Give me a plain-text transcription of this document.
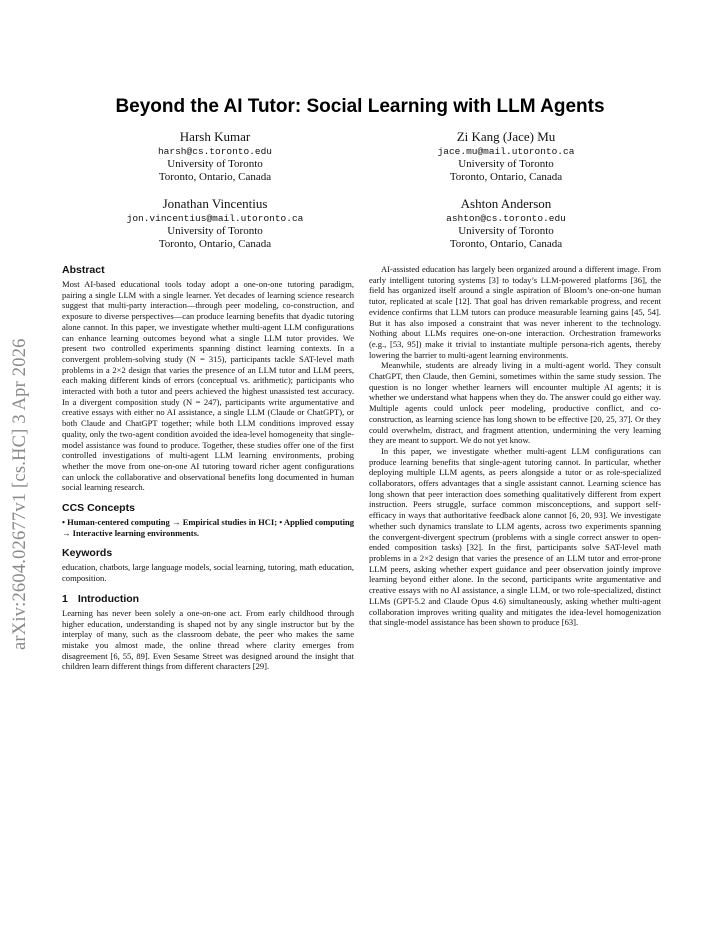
arXiv:2604.02677v1 [cs.HC] 3 Apr 2026
Beyond the AI Tutor: Social Learning with LLM Agents
Harsh Kumar
harsh@cs.toronto.edu
University of Toronto
Toronto, Ontario, Canada
Zi Kang (Jace) Mu
jace.mu@mail.utoronto.ca
University of Toronto
Toronto, Ontario, Canada
Jonathan Vincentius
jon.vincentius@mail.utoronto.ca
University of Toronto
Toronto, Ontario, Canada
Ashton Anderson
ashton@cs.toronto.edu
University of Toronto
Toronto, Ontario, Canada
Abstract

Most AI-based educational tools today adopt a one-on-one tutoring paradigm, pairing a single LLM with a single learner. Yet decades of learning science research suggest that multi-party interaction—through peer modeling, co-construction, and exposure to diverse perspectives—can produce learning benefits that dyadic tutoring alone cannot. In this paper, we investigate whether multi-agent LLM configurations can enhance learning outcomes beyond what a single LLM tutor provides. We present two controlled experiments spanning distinct learning contexts. In a convergent problem-solving study (N = 315), participants tackle SAT-level math problems in a 2×2 design that varies the presence of an LLM tutor and LLM peers, each making different kinds of errors (conceptual vs. arithmetic); participants who interacted with both a tutor and peers achieved the highest unassisted test accuracy. In a divergent composition study (N = 247), participants write argumentative and creative essays with either no AI assistance, a single LLM (Claude or ChatGPT), or both Claude and ChatGPT together; while both LLM conditions improved essay quality, only the two-agent condition avoided the idea-level homogeneity that single-model assistance was found to produce. Together, these studies offer one of the first controlled investigations of multi-agent LLM learning environments, probing whether the move from one-on-one AI tutoring toward richer agent configurations can unlock the collaborative and observational benefits long documented in human social learning research.

CCS Concepts

• Human-centered computing → Empirical studies in HCI; • Applied computing → Interactive learning environments.

Keywords

education, chatbots, large language models, social learning, tutoring, math education, composition.

1 Introduction

Learning has never been solely a one-on-one act. From early childhood through higher education, understanding is shaped not by any single instructor but by the interplay of many, such as the classroom debate, the peer who makes the same mistake you almost made, the online thread where clarity emerges from disagreement [6, 55, 89]. Even Sesame Street was designed around the insight that children learn different things from different characters [29].

AI-assisted education has largely been organized around a different image. From early intelligent tutoring systems [3] to today’s LLM-powered platforms [36], the field has organized itself around a single aspiration of Bloom’s one-on-one human tutor, replicated at scale [12]. That goal has driven remarkable progress, and recent evidence confirms that LLM tutors can produce measurable learning gains [45, 54]. But it has also imposed a constraint that was never inherent to the technology. Nothing about LLMs requires one-on-one interaction. Orchestration frameworks (e.g., [53, 95]) make it trivial to instantiate multiple persona-rich agents, thereby lowering the barrier to multi-agent learning environments.

Meanwhile, students are already living in a multi-agent world. They consult ChatGPT, then Claude, then Gemini, sometimes within the same study session. The question is no longer whether learners will encounter multiple AI agents; it is whether we understand what happens when they do. The answer could go either way. Multiple agents could unlock peer modeling, productive conflict, and co-construction, as learning science has long shown to be effective [20, 25, 37]. Or they could overwhelm, distract, and fragment attention, undermining the very learning they are meant to support. We do not yet know.

In this paper, we investigate whether multi-agent LLM configurations can produce learning benefits that single-agent tutoring cannot. In particular, whether deploying multiple LLM agents, as peers alongside a tutor or as role-specialized collaborators, offers advantages that a single assistant cannot. Learning science has long shown that peer interaction does something qualitatively different from expert instruction. Peers struggle, surface common misconceptions, and support self-efficacy in ways that authoritative feedback alone cannot [6, 20, 93]. We investigate whether such dynamics translate to LLM agents, across two experiments spanning the convergent-divergent spectrum (problems with a single correct answer to open-ended composition tasks) [32]. In the first, participants solve SAT-level math problems in a 2×2 design that varies the presence of an LLM tutor and error-prone LLM peers, asking whether expert guidance and peer observation jointly improve learning beyond either alone. In the second, participants write argumentative and creative essays with no AI assistance, a single LLM, or two role-specialized, distinct LLMs (GPT-5.2 and Claude Opus 4.6) simultaneously, asking whether multi-agent collaboration improves writing quality and mitigates the idea-level homogenization that single-model assistance has been shown to produce [63].
